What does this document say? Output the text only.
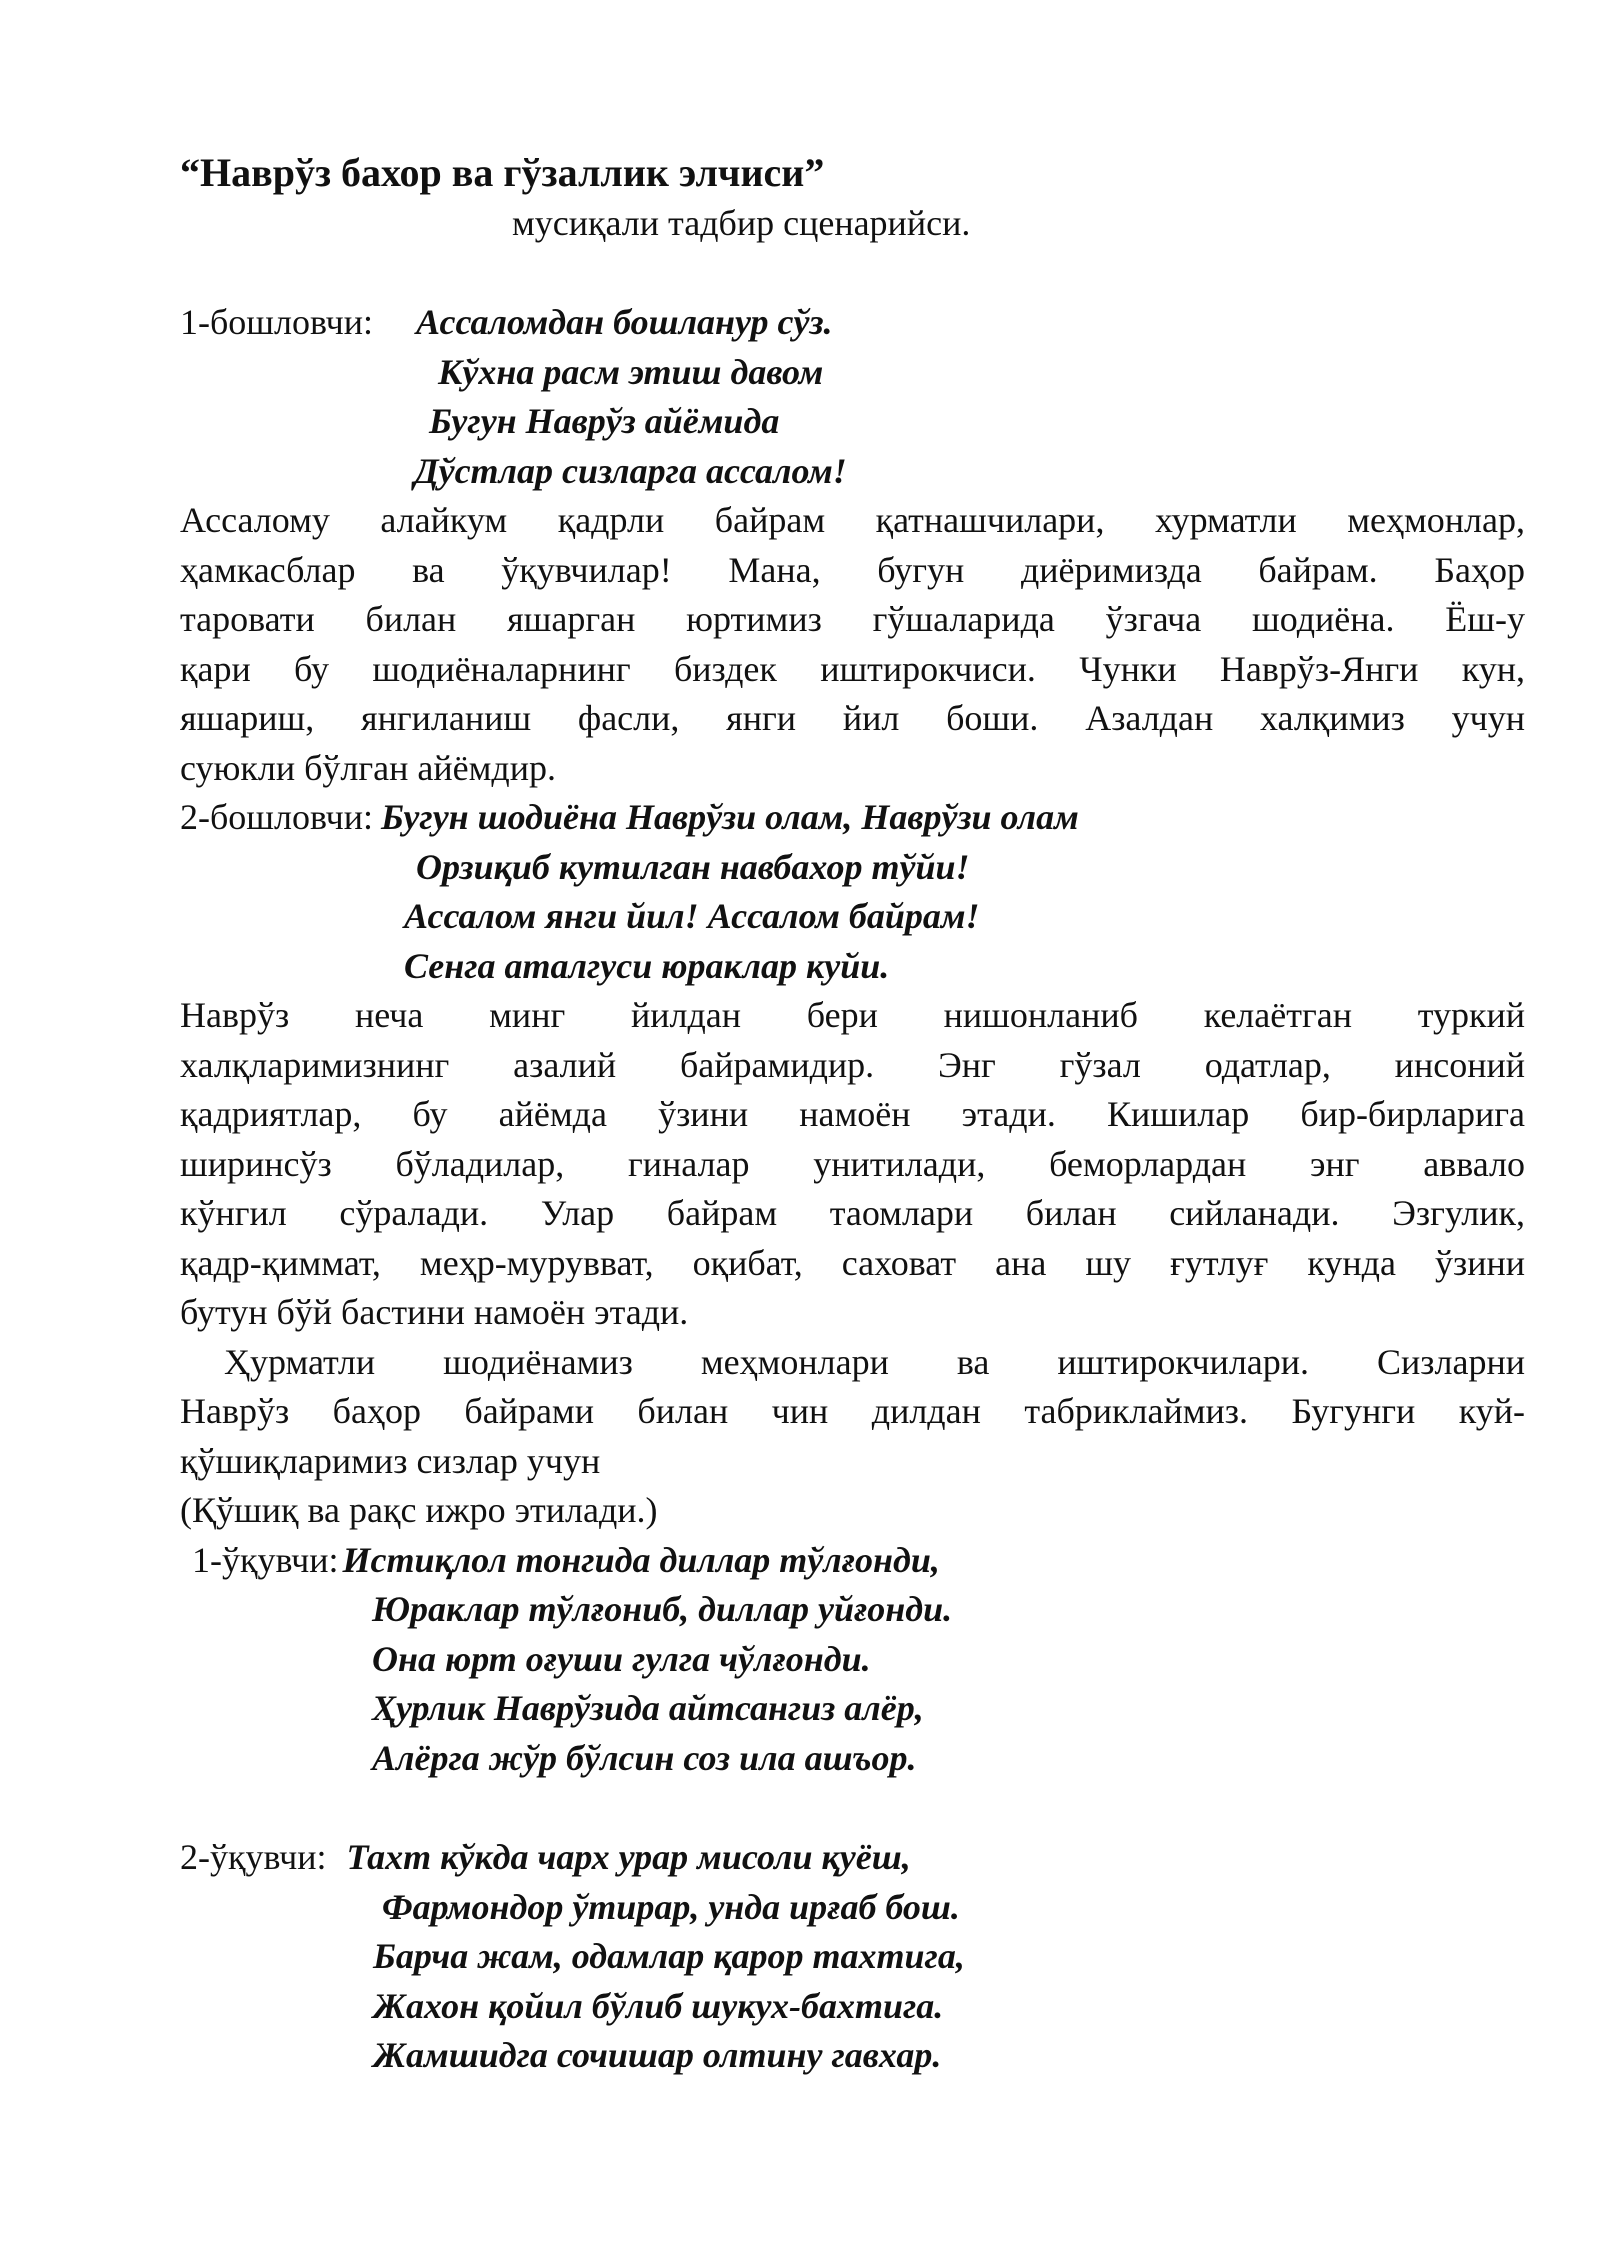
“Наврўз бахор ва гўзаллик элчиси”

мусиқали тадбир сценарийси.

1-бошловчи: Ассаломдан бошланур сўз.
Кўхна расм этиш давом
Бугун Наврўз айёмида
Дўстлар сизларга ассалом!
Ассалому алайкум қадрли байрам қатнашчилари, хурматли меҳмонлар,
ҳамкасблар ва ўқувчилар! Мана, бугун диёримизда байрам. Баҳор
таровати билан яшарган юртимиз гўшаларида ўзгача шодиёна. Ёш-у
қари бу шодиёналарнинг биздек иштирокчиси. Чунки Наврўз-Янги кун,
яшариш, янгиланиш фасли, янги йил боши. Азалдан халқимиз учун
суюкли бўлган айёмдир.
2-бошловчи: Бугун шодиёна Наврўзи олам, Наврўзи олам
Орзиқиб кутилган навбахор тўйи!
Ассалом янги йил! Ассалом байрам!
Сенга аталгуси юраклар куйи.
Наврўз неча минг йилдан бери нишонланиб келаётган туркий
халқларимизнинг азалий байрамидир. Энг гўзал одатлар, инсоний
қадриятлар, бу айёмда ўзини намоён этади. Кишилар бир-бирларига
ширинсўз бўладилар, гиналар унитилади, беморлардан энг аввало
кўнгил сўралади. Улар байрам таомлари билан сийланади. Эзгулик,
қадр-қиммат, меҳр-мурувват, оқибат, саховат ана шу ғутлуғ кунда ўзини
бутун бўй бастини намоён этади.
Ҳурматли шодиёнамиз меҳмонлари ва иштирокчилари. Сизларни
Наврўз баҳор байрами билан чин дилдан табриклаймиз. Бугунги куй-
қўшиқларимиз сизлар учун

(Қўшиқ ва рақс ижро этилади.)

1-ўқувчи: Истиқлол тонгида диллар тўлғонди,
Юраклар тўлғониб, диллар уйғонди.
Она юрт оғуши гулга чўлғонди.
Ҳурлик Наврўзида айтсангиз алёр,
Алёрга жўр бўлсин соз ила ашъор.
2-ўқувчи: Тахт кўкда чарх урар мисоли қуёш,
Фармондор ўтирар, унда ирғаб бош.
Барча жам, одамлар қарор тахтига,
Жахон қойил бўлиб шукух-бахтига.
Жамшидга сочишар олтину гавхар.
